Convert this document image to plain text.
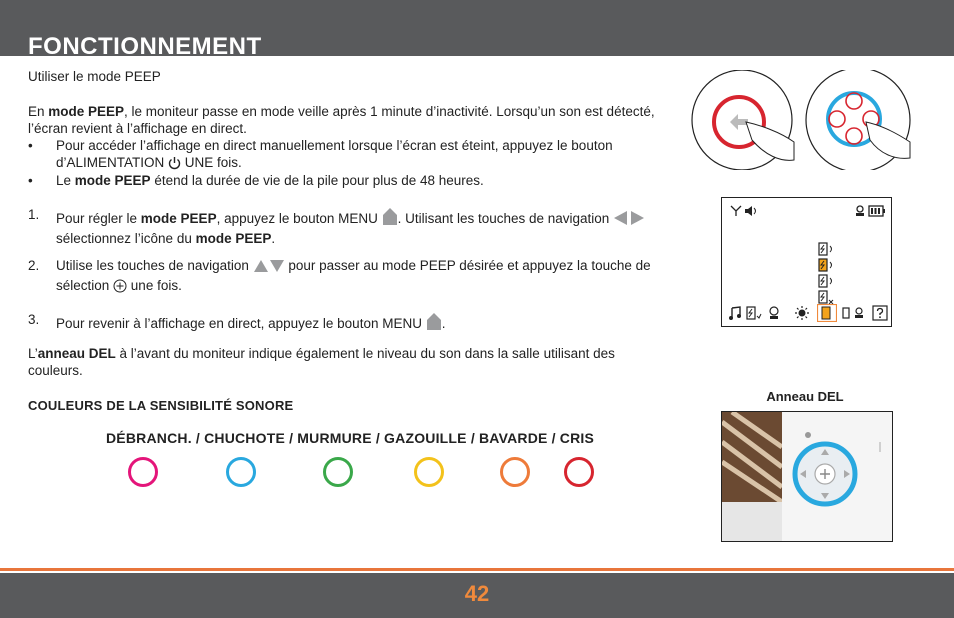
FONCTIONNEMENT
Utiliser le mode PEEP
En mode PEEP, le moniteur passe en mode veille après 1 minute d’inactivité. Lorsqu’un son est détecté, l’écran revient à l’affichage en direct.
•	Pour accéder l’affichage en direct manuellement lorsque l’écran est éteint, appuyez le bouton d’ALIMENTATION  UNE fois.
•	Le mode PEEP étend la durée de vie de la pile pour plus de 48 heures.
1.	Pour régler le mode PEEP, appuyez le bouton MENU . Utilisant les touches de navigation  sélectionnez l’icône du mode PEEP.
2.	Utilise les touches de navigation  pour passer au mode PEEP désirée et appuyez la touche de sélection  une fois.
3.	Pour revenir à l’affichage en direct, appuyez le bouton MENU .
L’anneau DEL à l’avant du moniteur indique également le niveau du son dans la salle utilisant des couleurs.
COULEURS DE LA SENSIBILITÉ SONORE
DÉBRANCH. / CHUCHOTE / MURMURE / GAZOUILLE / BAVARDE / CRIS
Anneau DEL
42
